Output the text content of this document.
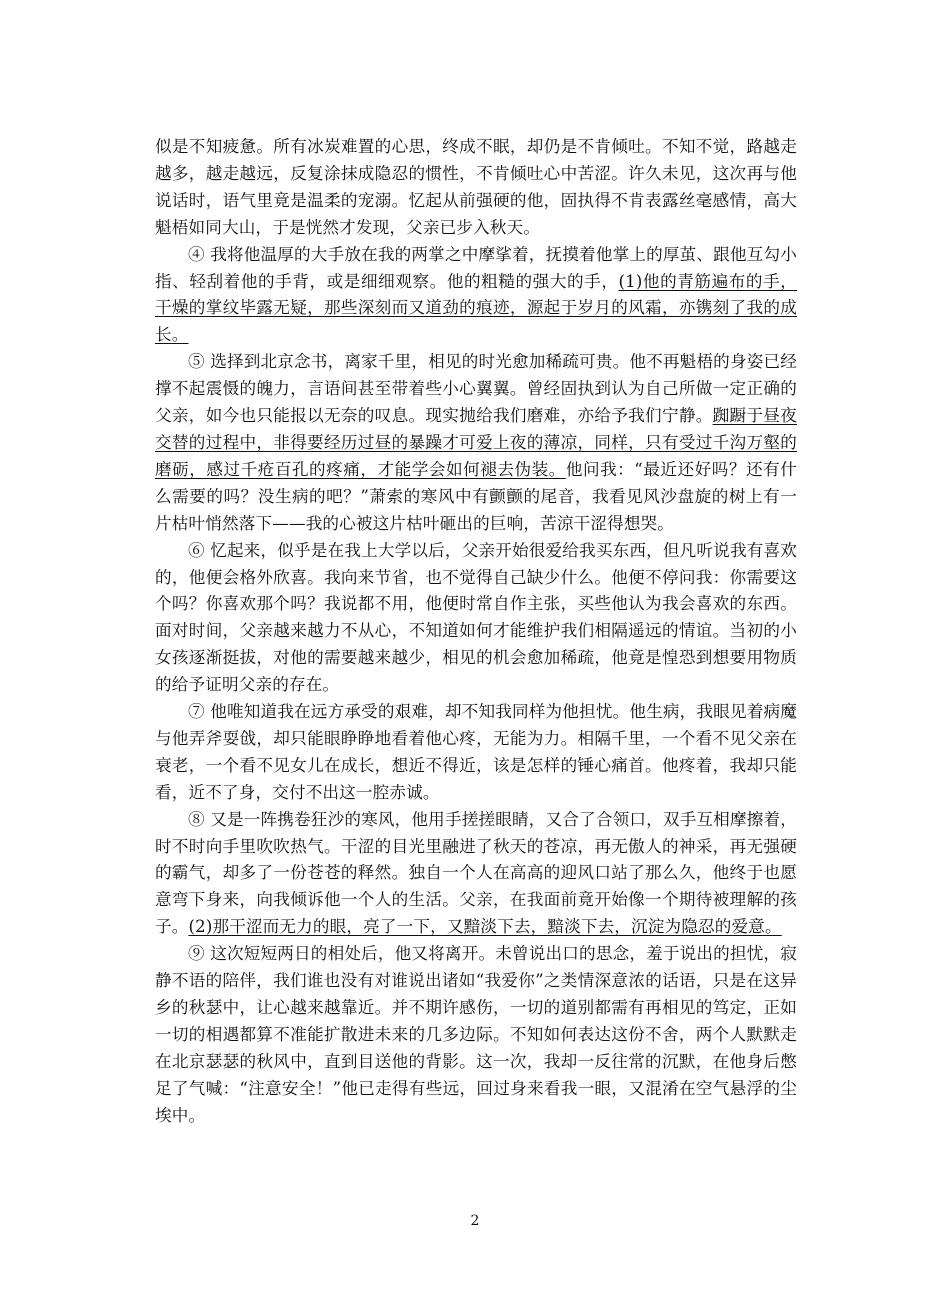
似是不知疲惫。所有冰炭难置的心思，终成不眠，却仍是不肯倾吐。不知不觉，路越走越多，越走越远，反复涂抹成隐忍的惯性，不肯倾吐心中苦涩。许久未见，这次再与他说话时，语气里竟是温柔的宠溺。忆起从前强硬的他，固执得不肯表露丝毫感情，高大魁梧如同大山，于是恍然才发现，父亲已步入秋天。

④ 我将他温厚的大手放在我的两掌之中摩挲着，抚摸着他掌上的厚茧、跟他互勾小指、轻刮着他的手背，或是细细观察。他的粗糙的强大的手，(1)他的青筋遍布的手，干燥的掌纹毕露无疑，那些深刻而又道劲的痕迹，源起于岁月的风霜，亦镌刻了我的成长。

⑤ 选择到北京念书，离家千里，相见的时光愈加稀疏可贵。他不再魁梧的身姿已经撑不起震慑的魄力，言语间甚至带着些小心翼翼。曾经固执到认为自己所做一定正确的父亲，如今也只能报以无奈的叹息。现实抛给我们磨难，亦给予我们宁静。踟蹰于昼夜交替的过程中，非得要经历过昼的暴躁才可爱上夜的薄凉，同样，只有受过千沟万壑的磨砺，感过千疮百孔的疼痛，才能学会如何褪去伪装。他问我：“最近还好吗？还有什么需要的吗？没生病的吧？”萧索的寒风中有颤颤的尾音，我看见风沙盘旋的树上有一片枯叶悄然落下——我的心被这片枯叶砸出的巨响，苦涼干涩得想哭。

⑥ 忆起来，似乎是在我上大学以后，父亲开始很爱给我买东西，但凡听说我有喜欢的，他便会格外欣喜。我向来节省，也不觉得自己缺少什么。他便不停问我：你需要这个吗？你喜欢那个吗？我说都不用，他便时常自作主张，买些他认为我会喜欢的东西。面对时间，父亲越来越力不从心，不知道如何才能维护我们相隔遥远的情谊。当初的小女孩逐渐挺拔，对他的需要越来越少，相见的机会愈加稀疏，他竟是惶恐到想要用物质的给予证明父亲的存在。

⑦ 他唯知道我在远方承受的艰难，却不知我同样为他担忧。他生病，我眼见着病魔与他弄斧耍戗，却只能眼睁睁地看着他心疼，无能为力。相隔千里，一个看不见父亲在衰老，一个看不见女儿在成长，想近不得近，该是怎样的锤心痛首。他疼着，我却只能看，近不了身，交付不出这一腔赤诚。

⑧ 又是一阵携卷狂沙的寒风，他用手搓搓眼睛，又合了合领口，双手互相摩擦着，时不时向手里吹吹热气。干涩的目光里融进了秋天的苍凉，再无傲人的神采，再无强硬的霸气，却多了一份苍苍的释然。独自一个人在高高的迎风口站了那么久，他终于也愿意弯下身来，向我倾诉他一个人的生活。父亲，在我面前竟开始像一个期待被理解的孩子。(2)那干涩而无力的眼，亮了一下，又黯淡下去，黯淡下去，沉淀为隐忍的爱意。

⑨ 这次短短两日的相处后，他又将离开。未曾说出口的思念，羞于说出的担忧，寂静不语的陪伴，我们谁也没有对谁说出诸如“我爱你”之类情深意浓的话语，只是在这异乡的秋瑟中，让心越来越靠近。并不期许感伤，一切的道别都需有再相见的笃定，正如一切的相遇都算不准能扩散进未来的几多边际。不知如何表达这份不舍，两个人默默走在北京瑟瑟的秋风中，直到目送他的背影。这一次，我却一反往常的沉默，在他身后憋足了气喊：“注意安全！”他已走得有些远，回过身来看我一眼，又混淆在空气悬浮的尘埃中。

2
